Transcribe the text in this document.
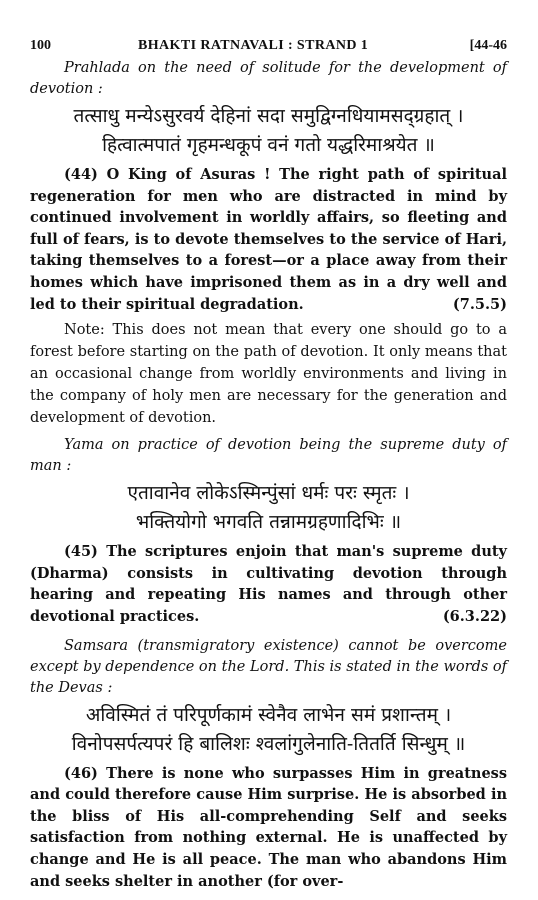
100	BHAKTI RATNAVALI : STRAND 1	[44-46

Prahlada on the need of solitude for the development of devotion :

तत्साधु मन्येऽसुरवर्य देहिनां सदा समुद्विग्नधियामसद्ग्रहात् ।
हित्वात्मपातं गृहमन्धकूपं वनं गतो यद्धरिमाश्रयेत ॥

(44) O King of Asuras ! The right path of spiritual regeneration for men who are distracted in mind by continued involvement in worldly affairs, so fleeting and full of fears, is to devote themselves to the service of Hari, taking themselves to a forest—or a place away from their homes which have imprisoned them as in a dry well and led to their spiritual degradation.	(7.5.5)

Note: This does not mean that every one should go to a forest before starting on the path of devotion. It only means that an occasional change from worldly environments and living in the company of holy men are necessary for the generation and development of devotion.

Yama on practice of devotion being the supreme duty of man :

एतावानेव लोकेऽस्मिन्पुंसां धर्मः परः स्मृतः ।
भक्तियोगो भगवति तन्नामग्रहणादिभिः ॥

(45) The scriptures enjoin that man's supreme duty (Dharma) consists in cultivating devotion through hearing and repeating His names and through other devotional practices.	(6.3.22)

Samsara (transmigratory existence) cannot be overcome except by dependence on the Lord. This is stated in the words of the Devas :

अविस्मितं तं परिपूर्णकामं स्वेनैव लाभेन समं प्रशान्तम् ।
विनोपसर्पत्यपरं हि बालिशः श्वलांगुलेनाति-तितर्ति सिन्धुम् ॥

(46) There is none who surpasses Him in greatness and could therefore cause Him surprise. He is absorbed in the bliss of His all-comprehending Self and seeks satisfaction from nothing external. He is unaffected by change and He is all peace. The man who abandons Him and seeks shelter in another (for over-
